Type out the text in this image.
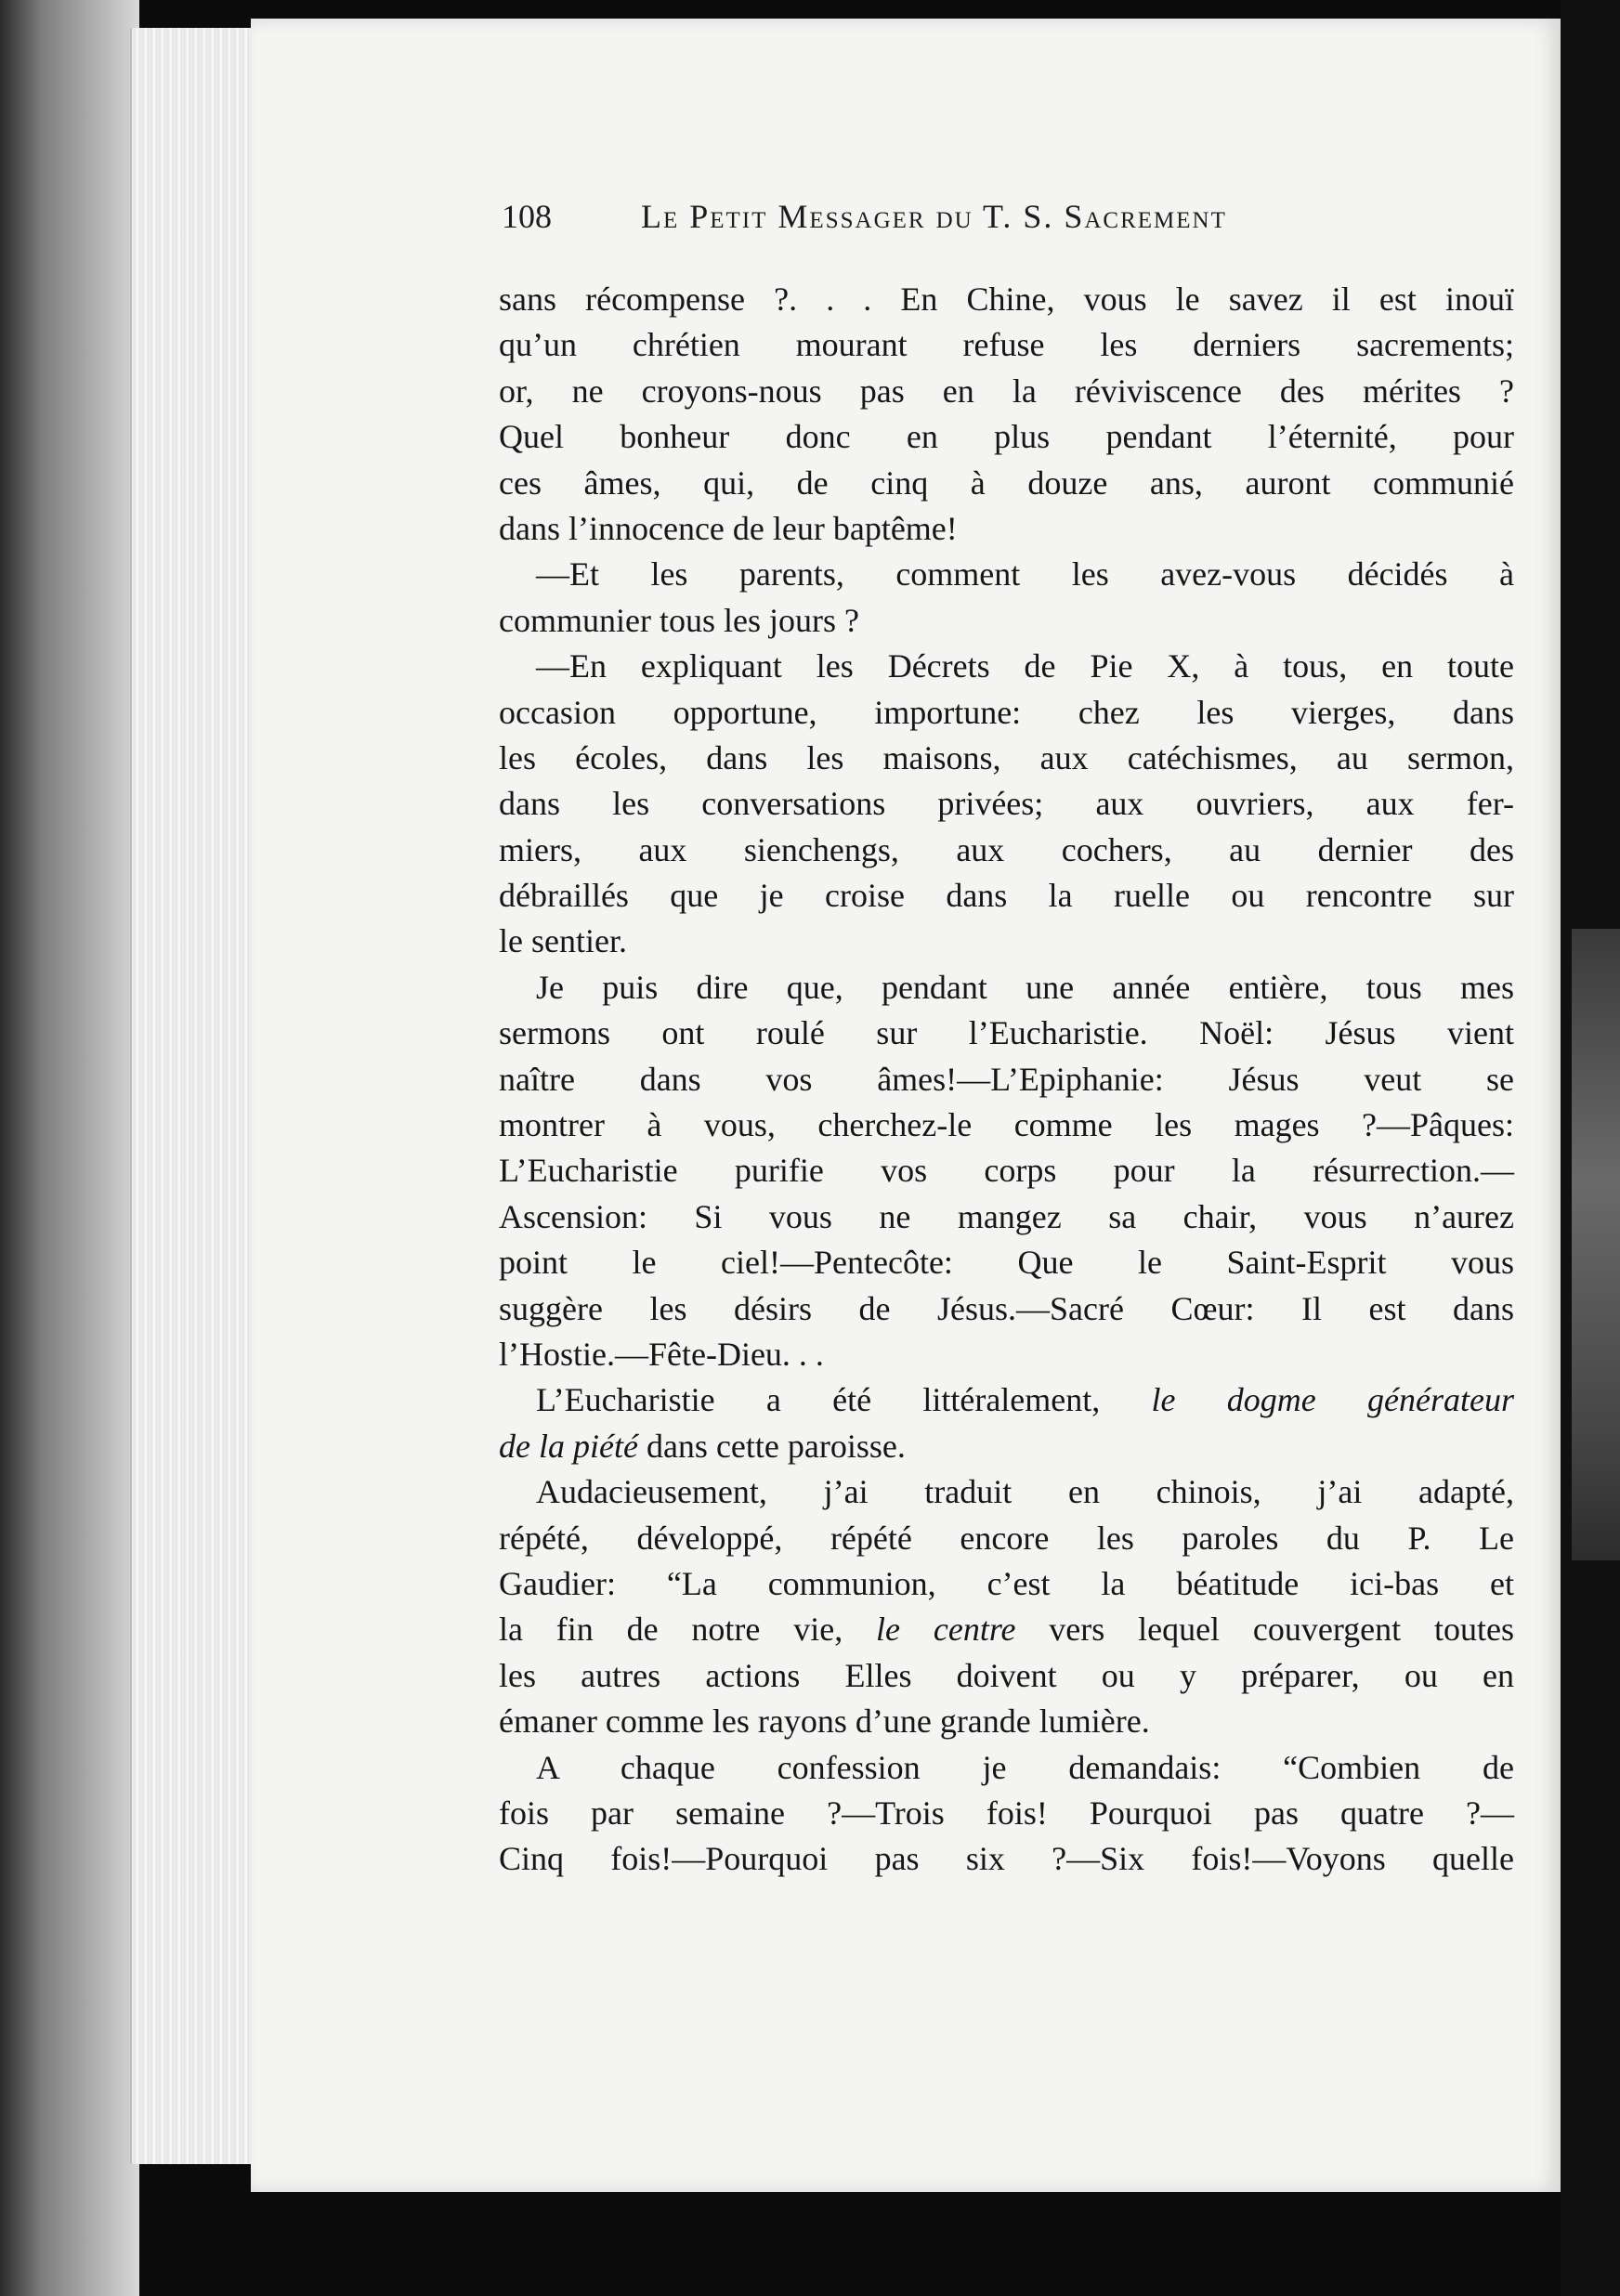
108	Le Petit Messager du T. S. Sacrement
sans récompense ?. . . En Chine, vous le savez il est inouï
qu’un chrétien mourant refuse les derniers sacrements;
or, ne croyons-nous pas en la réviviscence des mérites ?
Quel bonheur donc en plus pendant l’éternité, pour
ces âmes, qui, de cinq à douze ans, auront communié
dans l’innocence de leur baptême!
—Et les parents, comment les avez-vous décidés à
communier tous les jours ?
—En expliquant les Décrets de Pie X, à tous, en toute
occasion opportune, importune: chez les vierges, dans
les écoles, dans les maisons, aux catéchismes, au sermon,
dans les conversations privées; aux ouvriers, aux fer-
miers, aux sienchengs, aux cochers, au dernier des
débraillés que je croise dans la ruelle ou rencontre sur
le sentier.
Je puis dire que, pendant une année entière, tous mes
sermons ont roulé sur l’Eucharistie. Noël: Jésus vient
naître dans vos âmes!—L’Epiphanie: Jésus veut se
montrer à vous, cherchez-le comme les mages ?—Pâques:
L’Eucharistie purifie vos corps pour la résurrection.—
Ascension: Si vous ne mangez sa chair, vous n’aurez
point le ciel!—Pentecôte: Que le Saint-Esprit vous
suggère les désirs de Jésus.—Sacré Cœur: Il est dans
l’Hostie.—Fête-Dieu. . .
L’Eucharistie a été littéralement, le dogme générateur
de la piété dans cette paroisse.
Audacieusement, j’ai traduit en chinois, j’ai adapté,
répété, développé, répété encore les paroles du P. Le
Gaudier: “La communion, c’est la béatitude ici-bas et
la fin de notre vie, le centre vers lequel couvergent toutes
les autres actions Elles doivent ou y préparer, ou en
émaner comme les rayons d’une grande lumière.
A chaque confession je demandais: “Combien de
fois par semaine ?—Trois fois! Pourquoi pas quatre ?—
Cinq fois!—Pourquoi pas six ?—Six fois!—Voyons quelle
